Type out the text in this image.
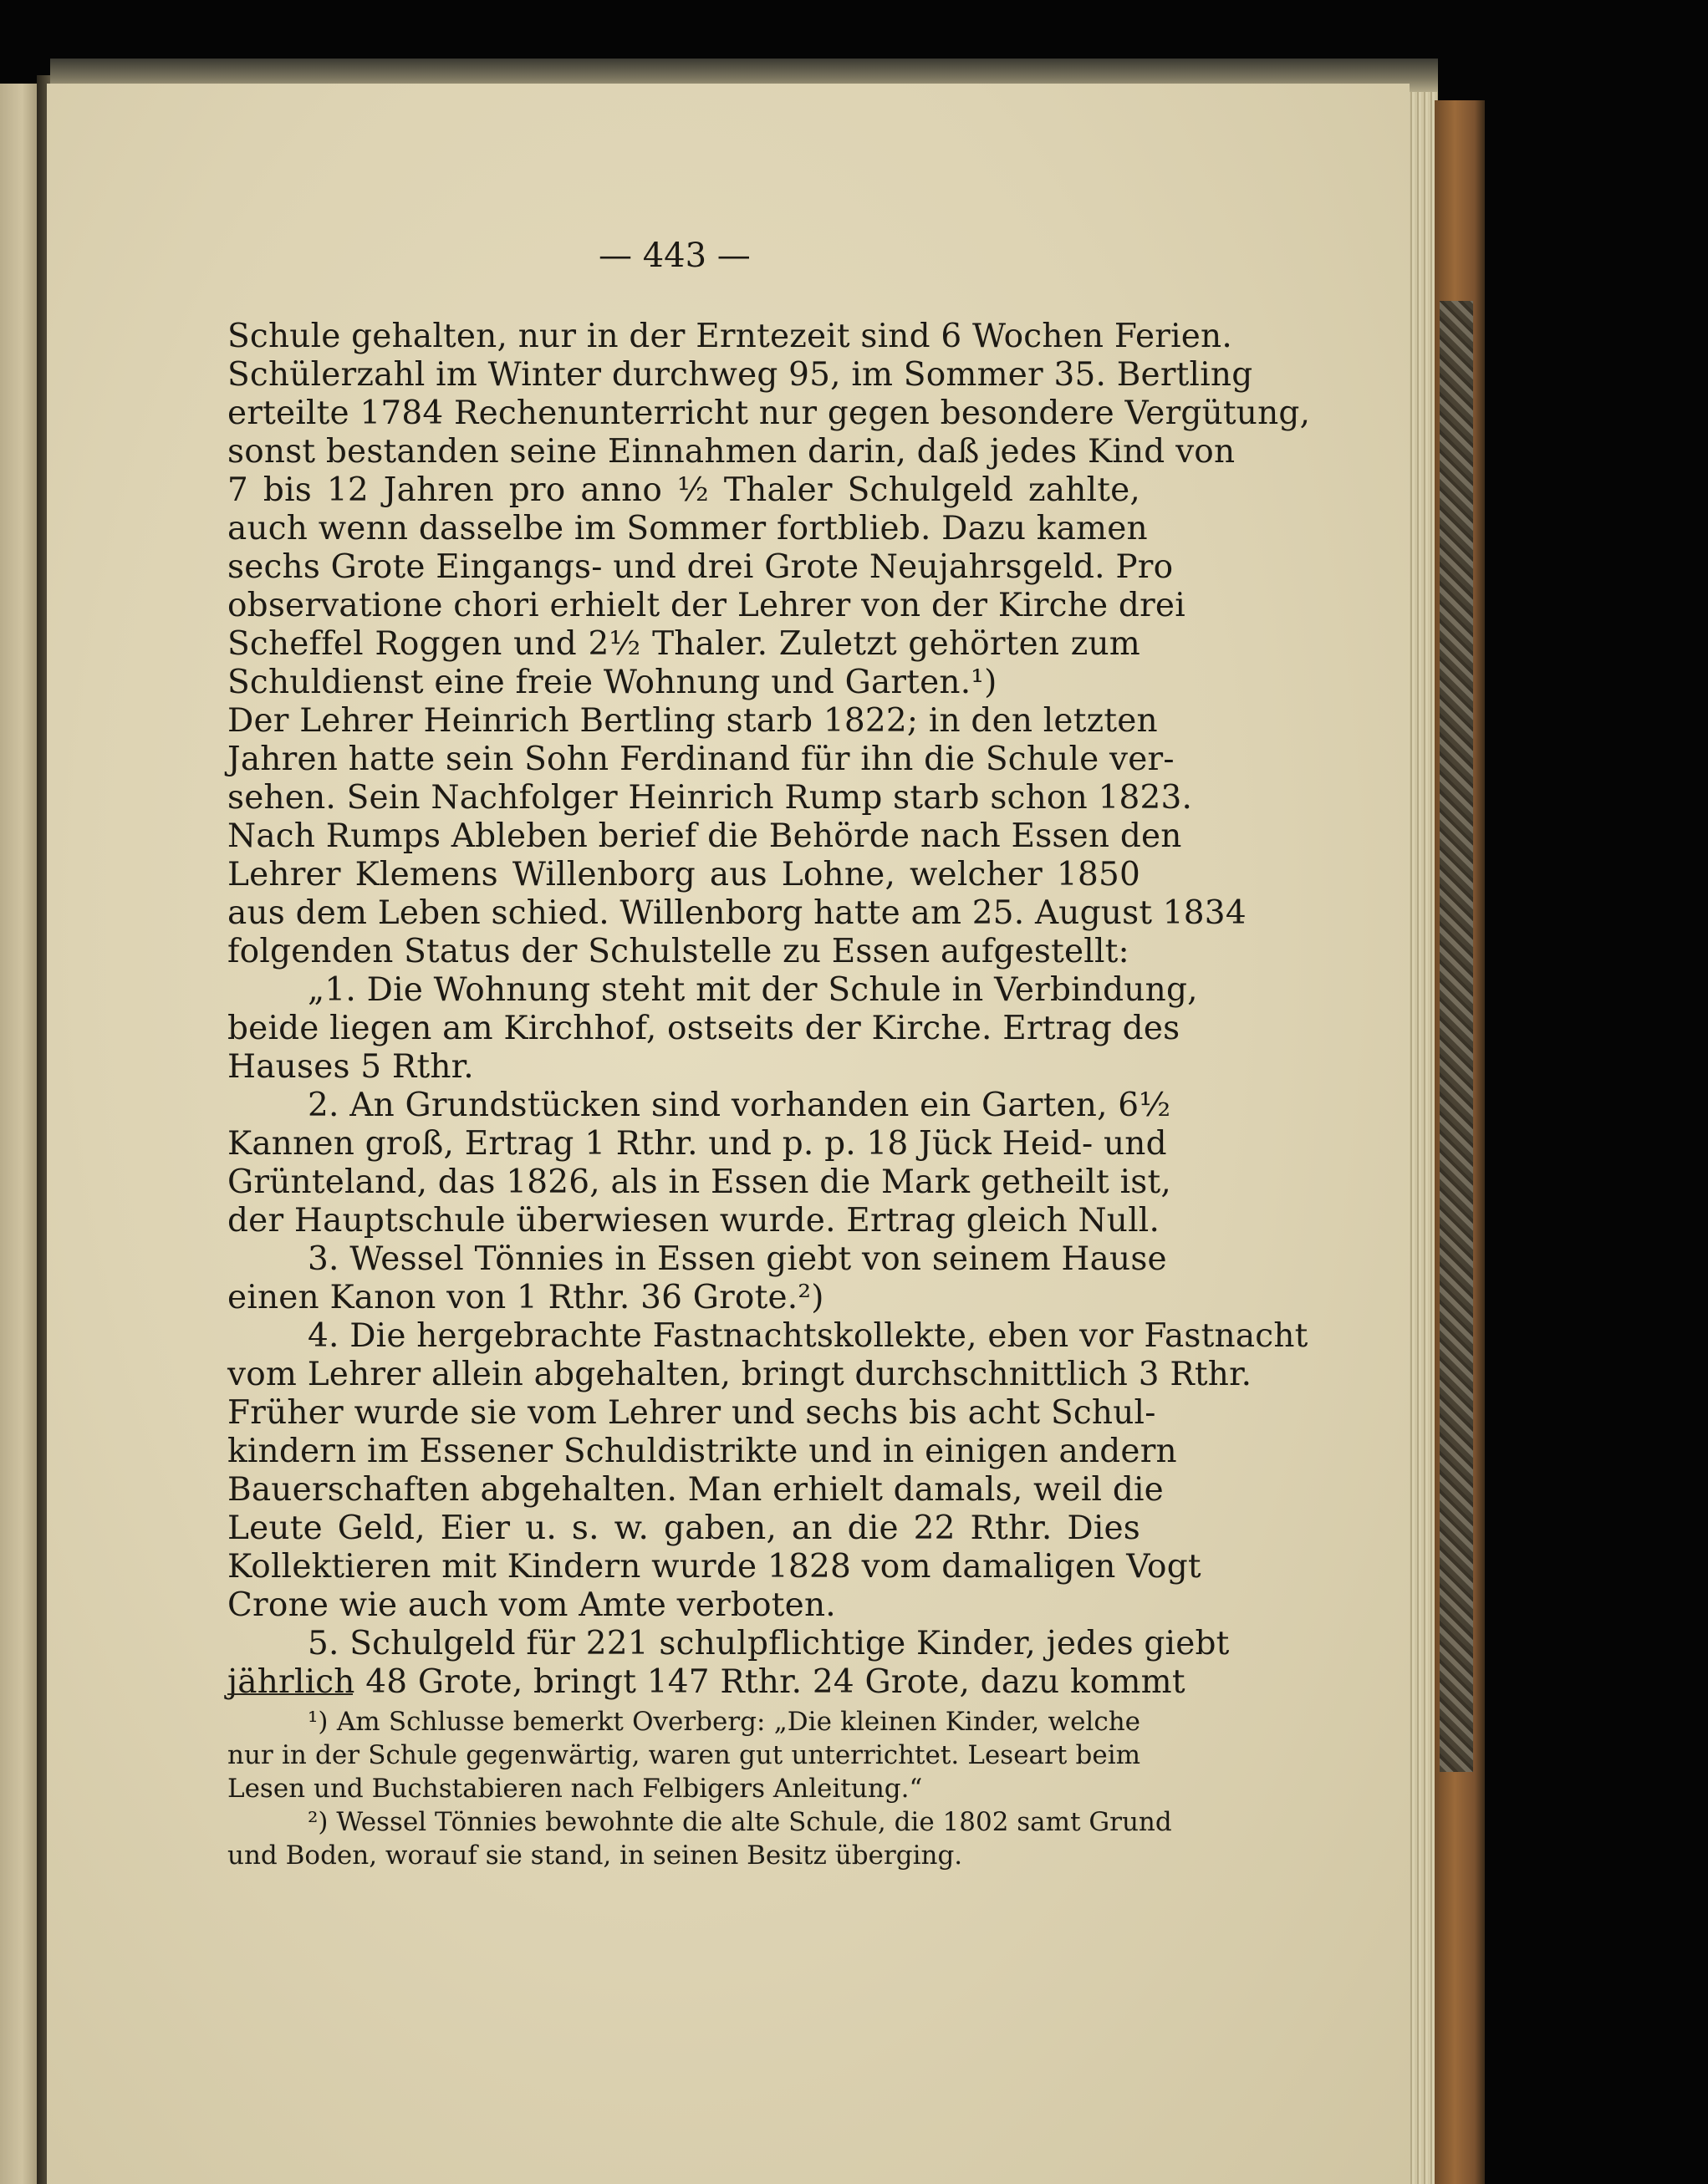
— 443 —
Schule gehalten, nur in der Erntezeit sind 6 Wochen Ferien.
Schülerzahl im Winter durchweg 95, im Sommer 35. Bertling
erteilte 1784 Rechenunterricht nur gegen besondere Vergütung,
sonst bestanden seine Einnahmen darin, daß jedes Kind von
7 bis 12 Jahren pro anno ½ Thaler Schulgeld zahlte,
auch wenn dasselbe im Sommer fortblieb. Dazu kamen
sechs Grote Eingangs- und drei Grote Neujahrsgeld. Pro
observatione chori erhielt der Lehrer von der Kirche drei
Scheffel Roggen und 2½ Thaler. Zuletzt gehörten zum
Schuldienst eine freie Wohnung und Garten.¹)
Der Lehrer Heinrich Bertling starb 1822; in den letzten
Jahren hatte sein Sohn Ferdinand für ihn die Schule ver-
sehen. Sein Nachfolger Heinrich Rump starb schon 1823.
Nach Rumps Ableben berief die Behörde nach Essen den
Lehrer Klemens Willenborg aus Lohne, welcher 1850
aus dem Leben schied. Willenborg hatte am 25. August 1834
folgenden Status der Schulstelle zu Essen aufgestellt:
„1. Die Wohnung steht mit der Schule in Verbindung,
beide liegen am Kirchhof, ostseits der Kirche. Ertrag des
Hauses 5 Rthr.
2. An Grundstücken sind vorhanden ein Garten, 6½
Kannen groß, Ertrag 1 Rthr. und p. p. 18 Jück Heid- und
Grünteland, das 1826, als in Essen die Mark getheilt ist,
der Hauptschule überwiesen wurde. Ertrag gleich Null.
3. Wessel Tönnies in Essen giebt von seinem Hause
einen Kanon von 1 Rthr. 36 Grote.²)
4. Die hergebrachte Fastnachtskollekte, eben vor Fastnacht
vom Lehrer allein abgehalten, bringt durchschnittlich 3 Rthr.
Früher wurde sie vom Lehrer und sechs bis acht Schul-
kindern im Essener Schuldistrikte und in einigen andern
Bauerschaften abgehalten. Man erhielt damals, weil die
Leute Geld, Eier u. s. w. gaben, an die 22 Rthr. Dies
Kollektieren mit Kindern wurde 1828 vom damaligen Vogt
Crone wie auch vom Amte verboten.
5. Schulgeld für 221 schulpflichtige Kinder, jedes giebt
jährlich 48 Grote, bringt 147 Rthr. 24 Grote, dazu kommt
¹) Am Schlusse bemerkt Overberg: „Die kleinen Kinder, welche
nur in der Schule gegenwärtig, waren gut unterrichtet. Leseart beim
Lesen und Buchstabieren nach Felbigers Anleitung.“
²) Wessel Tönnies bewohnte die alte Schule, die 1802 samt Grund
und Boden, worauf sie stand, in seinen Besitz überging.
